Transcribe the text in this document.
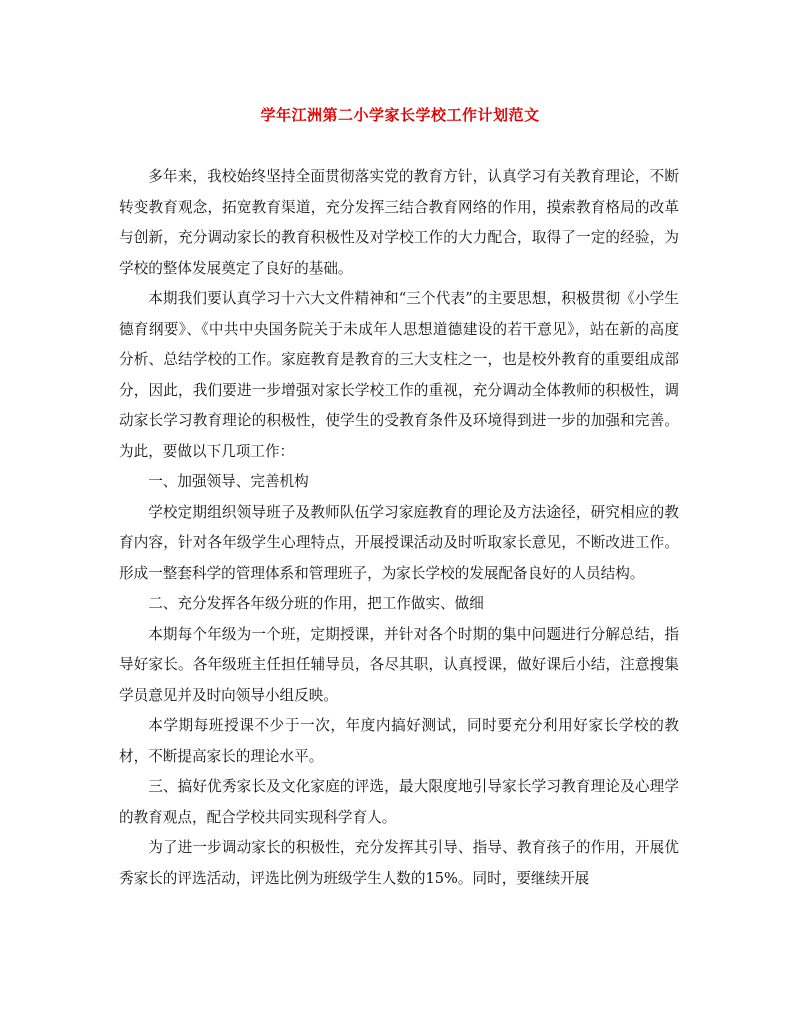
学年江洲第二小学家长学校工作计划范文

多年来，我校始终坚持全面贯彻落实党的教育方针，认真学习有关教育理论，不断转变教育观念，拓宽教育渠道，充分发挥三结合教育网络的作用，摸索教育格局的改革与创新，充分调动家长的教育积极性及对学校工作的大力配合，取得了一定的经验，为学校的整体发展奠定了良好的基础。

本期我们要认真学习十六大文件精神和“三个代表”的主要思想，积极贯彻《小学生德育纲要》、《中共中央国务院关于未成年人思想道德建设的若干意见》，站在新的高度分析、总结学校的工作。家庭教育是教育的三大支柱之一，也是校外教育的重要组成部分，因此，我们要进一步增强对家长学校工作的重视，充分调动全体教师的积极性，调动家长学习教育理论的积极性，使学生的受教育条件及环境得到进一步的加强和完善。为此，要做以下几项工作：

一、加强领导、完善机构

学校定期组织领导班子及教师队伍学习家庭教育的理论及方法途径，研究相应的教育内容，针对各年级学生心理特点，开展授课活动及时听取家长意见，不断改进工作。形成一整套科学的管理体系和管理班子，为家长学校的发展配备良好的人员结构。

二、充分发挥各年级分班的作用，把工作做实、做细

本期每个年级为一个班，定期授课，并针对各个时期的集中问题进行分解总结，指导好家长。各年级班主任担任辅导员，各尽其职，认真授课，做好课后小结，注意搜集学员意见并及时向领导小组反映。

本学期每班授课不少于一次，年度内搞好测试，同时要充分利用好家长学校的教材，不断提高家长的理论水平。

三、搞好优秀家长及文化家庭的评选，最大限度地引导家长学习教育理论及心理学的教育观点，配合学校共同实现科学育人。

为了进一步调动家长的积极性，充分发挥其引导、指导、教育孩子的作用，开展优秀家长的评选活动，评选比例为班级学生人数的15%。同时，要继续开展
